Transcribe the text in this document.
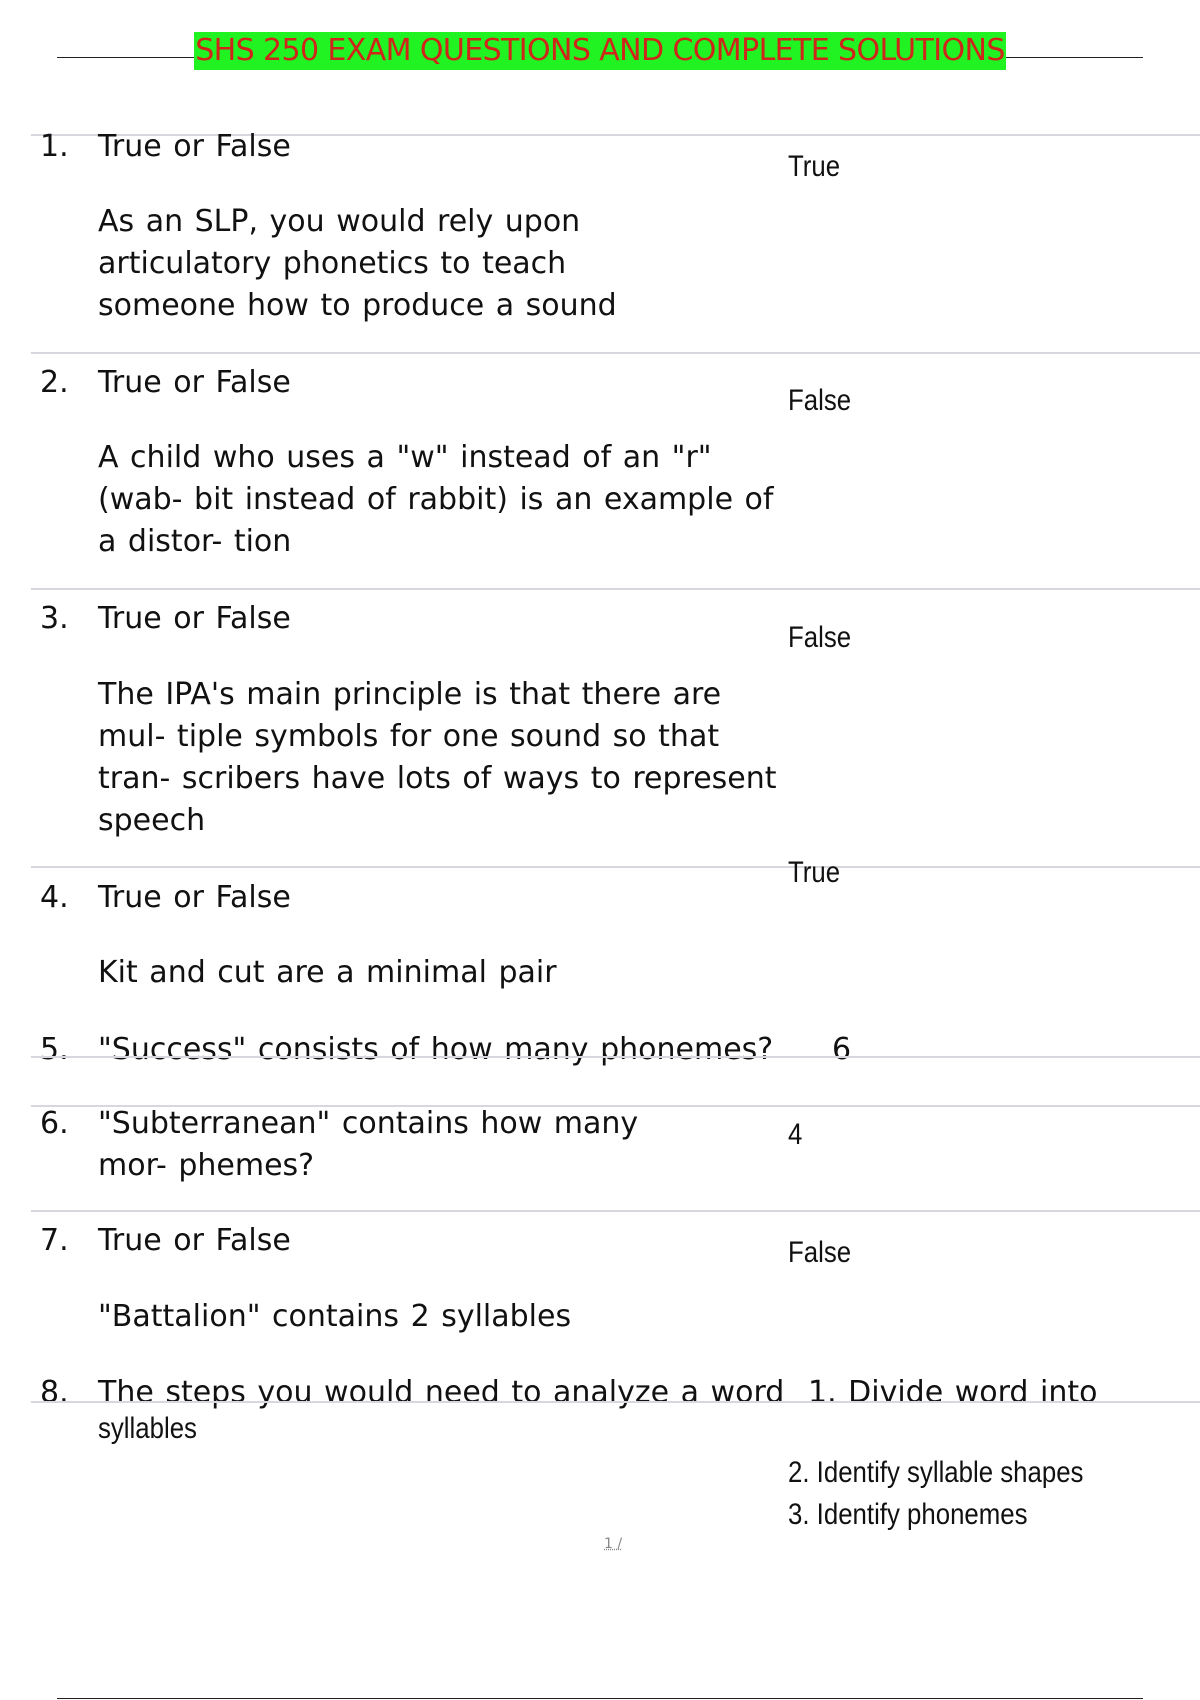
SHS 250 EXAM QUESTIONS AND COMPLETE SOLUTIONS
1. True or False
As an SLP, you would rely upon articulatory phonetics to teach someone how to produce a sound
True
2. True or False
A child who uses a "w" instead of an "r" (wab- bit instead of rabbit) is an example of a distor- tion
False
3. True or False
The IPA's main principle is that there are mul- tiple symbols for one sound so that tran- scribers have lots of ways to represent speech
False
4. True or False
Kit and cut are a minimal pair
True
5. "Success" consists of how many phonemes? 6
6. "Subterranean" contains how many mor- phemes?
4
7. True or False
"Battalion" contains 2 syllables
False
8. The steps you would need to analyze a word 1. Divide word into
syllables
2. Identify syllable shapes
3. Identify phonemes
1 /
